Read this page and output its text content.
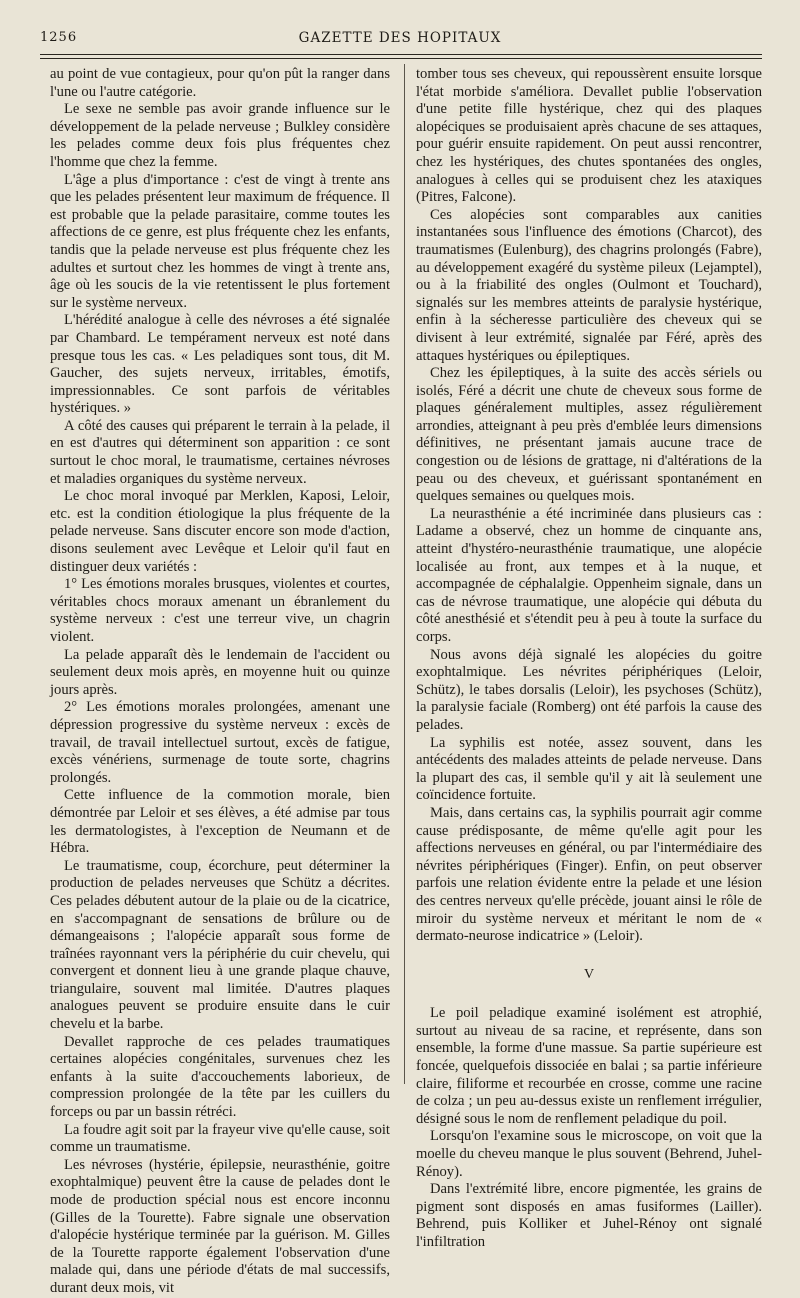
1256	GAZETTE DES HOPITAUX

au point de vue contagieux, pour qu'on pût la ranger dans l'une ou l'autre catégorie.

Le sexe ne semble pas avoir grande influence sur le développement de la pelade nerveuse ; Bulkley considère les pelades comme deux fois plus fréquentes chez l'homme que chez la femme.

L'âge a plus d'importance : c'est de vingt à trente ans que les pelades présentent leur maximum de fréquence. Il est probable que la pelade parasitaire, comme toutes les affections de ce genre, est plus fréquente chez les enfants, tandis que la pelade nerveuse est plus fréquente chez les adultes et surtout chez les hommes de vingt à trente ans, âge où les soucis de la vie retentissent le plus fortement sur le système nerveux.

L'hérédité analogue à celle des névroses a été signalée par Chambard. Le tempérament nerveux est noté dans presque tous les cas. « Les peladiques sont tous, dit M. Gaucher, des sujets nerveux, irritables, émotifs, impressionnables. Ce sont parfois de véritables hystériques. »

A côté des causes qui préparent le terrain à la pelade, il en est d'autres qui déterminent son apparition : ce sont surtout le choc moral, le traumatisme, certaines névroses et maladies organiques du système nerveux.

Le choc moral invoqué par Merklen, Kaposi, Leloir, etc. est la condition étiologique la plus fréquente de la pelade nerveuse. Sans discuter encore son mode d'action, disons seulement avec Levêque et Leloir qu'il faut en distinguer deux variétés :

1° Les émotions morales brusques, violentes et courtes, véritables chocs moraux amenant un ébranlement du système nerveux : c'est une terreur vive, un chagrin violent.

La pelade apparaît dès le lendemain de l'accident ou seulement deux mois après, en moyenne huit ou quinze jours après.

2° Les émotions morales prolongées, amenant une dépression progressive du système nerveux : excès de travail, de travail intellectuel surtout, excès de fatigue, excès vénériens, surmenage de toute sorte, chagrins prolongés.

Cette influence de la commotion morale, bien démontrée par Leloir et ses élèves, a été admise par tous les dermatologistes, à l'exception de Neumann et de Hébra.

Le traumatisme, coup, écorchure, peut déterminer la production de pelades nerveuses que Schütz a décrites. Ces pelades débutent autour de la plaie ou de la cicatrice, en s'accompagnant de sensations de brûlure ou de démangeaisons ; l'alopécie apparaît sous forme de traînées rayonnant vers la périphérie du cuir chevelu, qui convergent et donnent lieu à une grande plaque chauve, triangulaire, souvent mal limitée. D'autres plaques analogues peuvent se produire ensuite dans le cuir chevelu et la barbe.

Devallet rapproche de ces pelades traumatiques certaines alopécies congénitales, survenues chez les enfants à la suite d'accouchements laborieux, de compression prolongée de la tête par les cuillers du forceps ou par un bassin rétréci.

La foudre agit soit par la frayeur vive qu'elle cause, soit comme un traumatisme.

Les névroses (hystérie, épilepsie, neurasthénie, goitre exophtalmique) peuvent être la cause de pelades dont le mode de production spécial nous est encore inconnu (Gilles de la Tourette). Fabre signale une observation d'alopécie hystérique terminée par la guérison. M. Gilles de la Tourette rapporte également l'observation d'une malade qui, dans une période d'états de mal successifs, durant deux mois, vit

tomber tous ses cheveux, qui repoussèrent ensuite lorsque l'état morbide s'améliora. Devallet publie l'observation d'une petite fille hystérique, chez qui des plaques alopéciques se produisaient après chacune de ses attaques, pour guérir ensuite rapidement. On peut aussi rencontrer, chez les hystériques, des chutes spontanées des ongles, analogues à celles qui se produisent chez les ataxiques (Pitres, Falcone).

Ces alopécies sont comparables aux canities instantanées sous l'influence des émotions (Charcot), des traumatismes (Eulenburg), des chagrins prolongés (Fabre), au développement exagéré du système pileux (Lejamptel), ou à la friabilité des ongles (Oulmont et Touchard), signalés sur les membres atteints de paralysie hystérique, enfin à la sécheresse particulière des cheveux qui se divisent à leur extrémité, signalée par Féré, après des attaques hystériques ou épileptiques.

Chez les épileptiques, à la suite des accès sériels ou isolés, Féré a décrit une chute de cheveux sous forme de plaques généralement multiples, assez régulièrement arrondies, atteignant à peu près d'emblée leurs dimensions définitives, ne présentant jamais aucune trace de congestion ou de lésions de grattage, ni d'altérations de la peau ou des cheveux, et guérissant spontanément en quelques semaines ou quelques mois.

La neurasthénie a été incriminée dans plusieurs cas : Ladame a observé, chez un homme de cinquante ans, atteint d'hystéro-neurasthénie traumatique, une alopécie localisée au front, aux tempes et à la nuque, et accompagnée de céphalalgie. Oppenheim signale, dans un cas de névrose traumatique, une alopécie qui débuta du côté anesthésié et s'étendit peu à peu à toute la surface du corps.

Nous avons déjà signalé les alopécies du goitre exophtalmique. Les névrites périphériques (Leloir, Schütz), le tabes dorsalis (Leloir), les psychoses (Schütz), la paralysie faciale (Romberg) ont été parfois la cause des pelades.

La syphilis est notée, assez souvent, dans les antécédents des malades atteints de pelade nerveuse. Dans la plupart des cas, il semble qu'il y ait là seulement une coïncidence fortuite.

Mais, dans certains cas, la syphilis pourrait agir comme cause prédisposante, de même qu'elle agit pour les affections nerveuses en général, ou par l'intermédiaire des névrites périphériques (Finger). Enfin, on peut observer parfois une relation évidente entre la pelade et une lésion des centres nerveux qu'elle précède, jouant ainsi le rôle de miroir du système nerveux et méritant le nom de « dermato-neurose indicatrice » (Leloir).

V

Le poil peladique examiné isolément est atrophié, surtout au niveau de sa racine, et représente, dans son ensemble, la forme d'une massue. Sa partie supérieure est foncée, quelquefois dissociée en balai ; sa partie inférieure claire, filiforme et recourbée en crosse, comme une racine de colza ; un peu au-dessus existe un renflement irrégulier, désigné sous le nom de renflement peladique du poil.

Lorsqu'on l'examine sous le microscope, on voit que la moelle du cheveu manque le plus souvent (Behrend, Juhel-Rénoy).

Dans l'extrémité libre, encore pigmentée, les grains de pigment sont disposés en amas fusiformes (Lailler). Behrend, puis Kolliker et Juhel-Rénoy ont signalé l'infiltration
